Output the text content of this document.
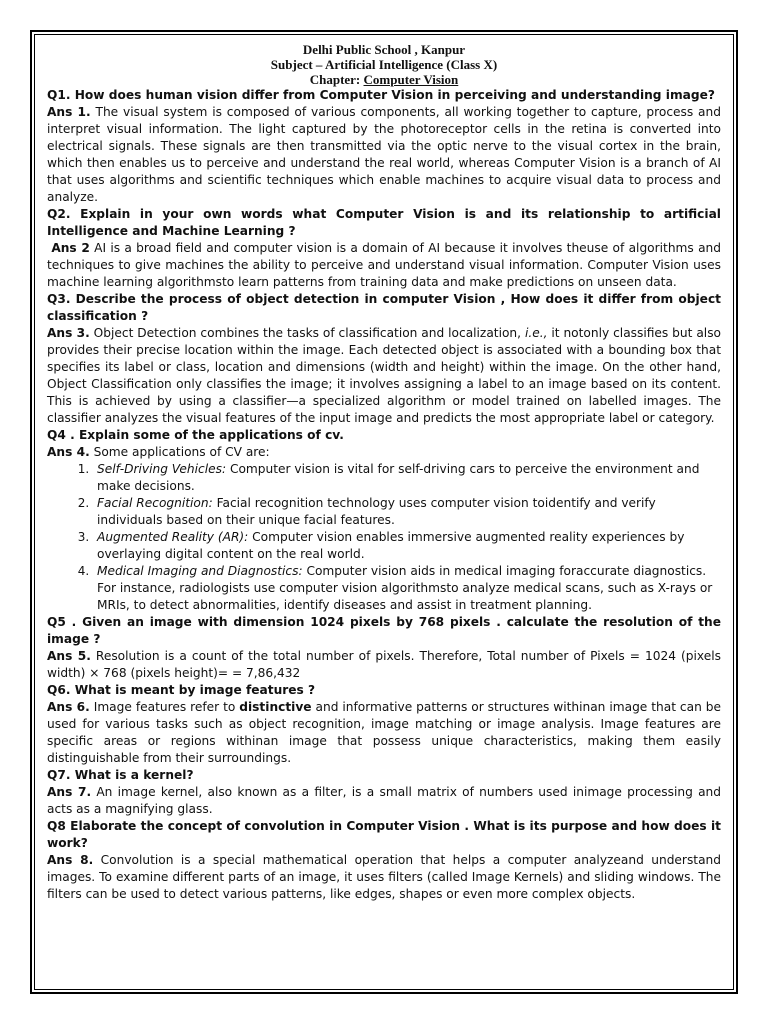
Delhi Public School , Kanpur
Subject – Artificial Intelligence (Class X)
Chapter: Computer Vision

Q1. How does human vision differ from Computer Vision in perceiving and understanding image?

Ans 1. The visual system is composed of various components, all working together to capture, process and interpret visual information. The light captured by the photoreceptor cells in the retina is converted into electrical signals. These signals are then transmitted via the optic nerve to the visual cortex in the brain, which then enables us to perceive and understand the real world, whereas Computer Vision is a branch of AI that uses algorithms and scientific techniques which enable machines to acquire visual data to process and analyze.

Q2. Explain in your own words what Computer Vision is and its relationship to artificial Intelligence and Machine Learning ?

Ans 2 AI is a broad field and computer vision is a domain of AI because it involves theuse of algorithms and techniques to give machines the ability to perceive and understand visual information. Computer Vision uses machine learning algorithmsto learn patterns from training data and make predictions on unseen data.

Q3. Describe the process of object detection in computer Vision , How does it differ from object classification ?

Ans 3. Object Detection combines the tasks of classification and localization, i.e., it notonly classifies but also provides their precise location within the image. Each detected object is associated with a bounding box that specifies its label or class, location and dimensions (width and height) within the image. On the other hand, Object Classification only classifies the image; it involves assigning a label to an image based on its content. This is achieved by using a classifier—a specialized algorithm or model trained on labelled images. The classifier analyzes the visual features of the input image and predicts the most appropriate label or category.

Q4 . Explain some of the applications of cv.

Ans 4. Some applications of CV are:

1. Self-Driving Vehicles: Computer vision is vital for self-driving cars to perceive the environment and make decisions.
2. Facial Recognition: Facial recognition technology uses computer vision toidentify and verify individuals based on their unique facial features.
3. Augmented Reality (AR): Computer vision enables immersive augmented reality experiences by overlaying digital content on the real world.
4. Medical Imaging and Diagnostics: Computer vision aids in medical imaging foraccurate diagnostics. For instance, radiologists use computer vision algorithmsto analyze medical scans, such as X-rays or MRIs, to detect abnormalities, identify diseases and assist in treatment planning.

Q5 . Given an image with dimension 1024 pixels by 768 pixels . calculate the resolution of the image ?

Ans 5. Resolution is a count of the total number of pixels. Therefore, Total number of Pixels = 1024 (pixels width) × 768 (pixels height)= = 7,86,432

Q6. What is meant by image features ?

Ans 6. Image features refer to distinctive and informative patterns or structures withinan image that can be used for various tasks such as object recognition, image matching or image analysis. Image features are specific areas or regions withinan image that possess unique characteristics, making them easily distinguishable from their surroundings.

Q7. What is a kernel?

Ans 7. An image kernel, also known as a filter, is a small matrix of numbers used inimage processing and acts as a magnifying glass.

Q8 Elaborate the concept of convolution in Computer Vision . What is its purpose and how does it work?

Ans 8. Convolution is a special mathematical operation that helps a computer analyzeand understand images. To examine different parts of an image, it uses filters (called Image Kernels) and sliding windows. The filters can be used to detect various patterns, like edges, shapes or even more complex objects.
